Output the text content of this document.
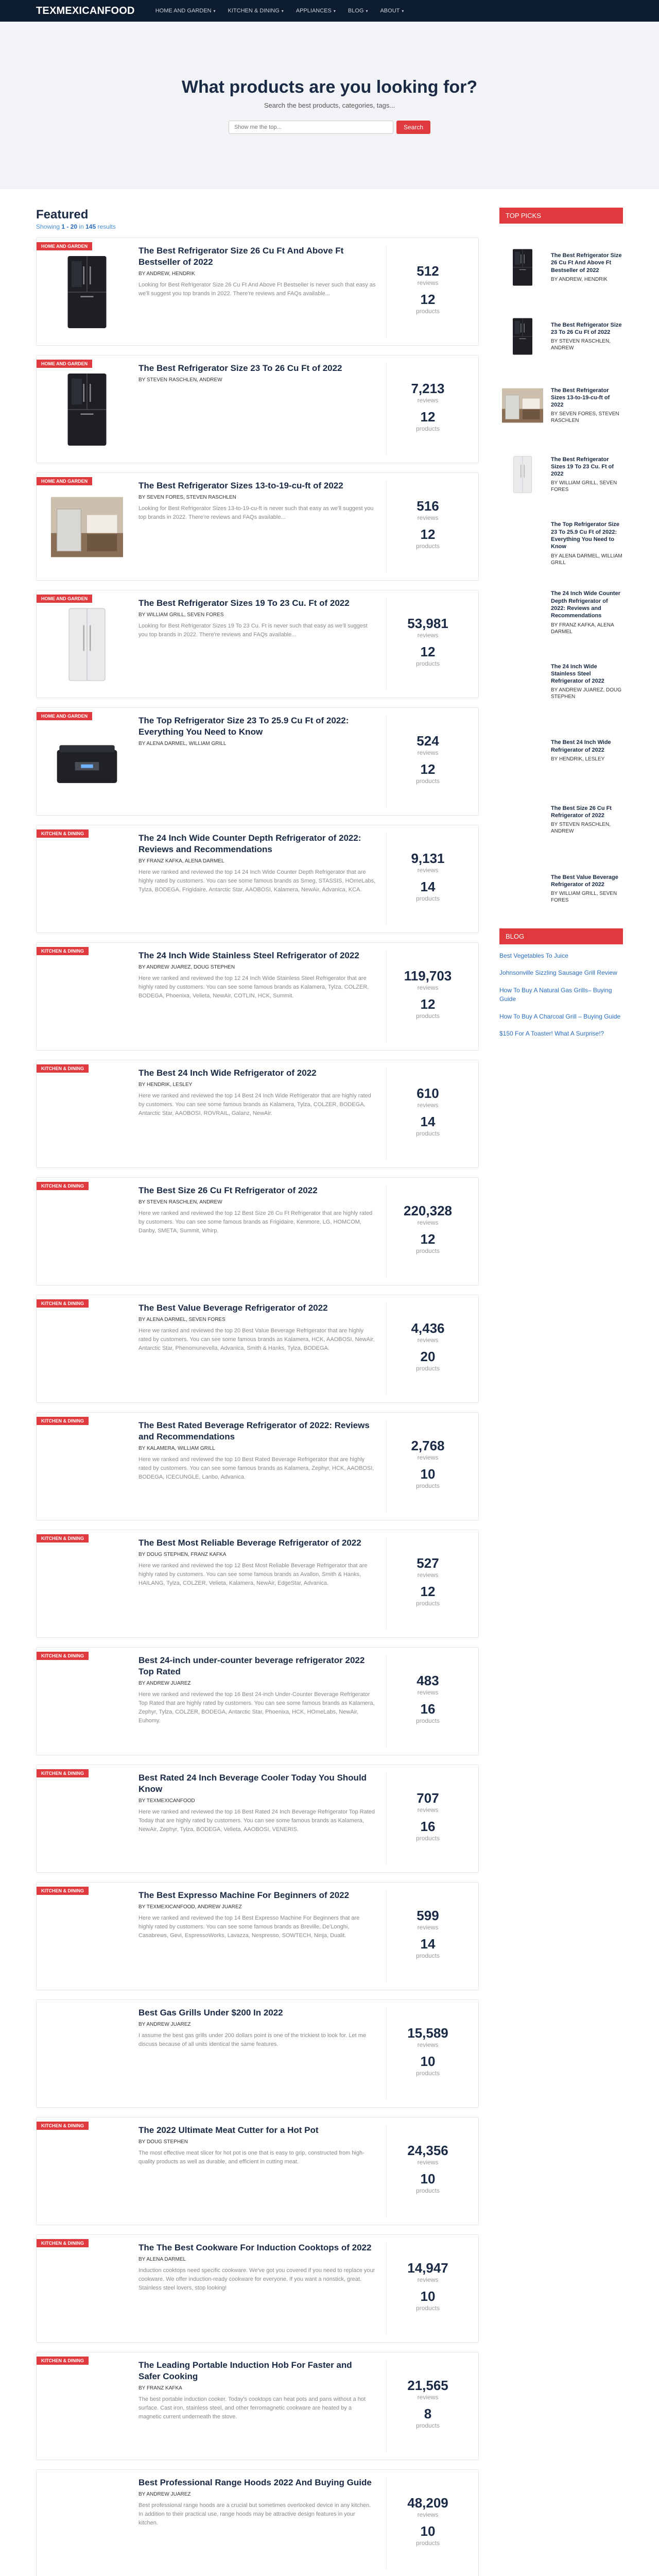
TEXMEXICANFOOD	HOME AND GARDEN ▾ KITCHEN & DINING ▾ APPLIANCES ▾ BLOG ▾ ABOUT ▾
What products are you looking for?
Search the best products, categories, tags...
Show me the top...
Search
Featured
Showing 1 - 20 in 145 results
HOME AND GARDEN	The Best Refrigerator Size 26 Cu Ft And Above Ft Bestseller of 2022
BY ANDREW, HENDRIK
Looking for Best Refrigerator Size 26 Cu Ft And Above Ft Bestseller is never such that easy as we'll suggest you top brands in 2022. There're reviews and FAQs available...
512
reviews
12
products
HOME AND GARDEN	The Best Refrigerator Size 23 To 26 Cu Ft of 2022
BY STEVEN RASCHLEN, ANDREW
7,213
reviews
12
products
HOME AND GARDEN	The Best Refrigerator Sizes 13-to-19-cu-ft of 2022
BY SEVEN FORES, STEVEN RASCHLEN
Looking for Best Refrigerator Sizes 13-to-19-cu-ft is never such that easy as we'll suggest you top brands in 2022. There're reviews and FAQs available...
516
reviews
12
products
HOME AND GARDEN	The Best Refrigerator Sizes 19 To 23 Cu. Ft of 2022
BY WILLIAM GRILL, SEVEN FORES
Looking for Best Refrigerator Sizes 19 To 23 Cu. Ft is never such that easy as we'll suggest you top brands in 2022. There're reviews and FAQs available...
53,981
reviews
12
products
HOME AND GARDEN	The Top Refrigerator Size 23 To 25.9 Cu Ft of 2022: Everything You Need to Know
BY ALENA DARMEL, WILLIAM GRILL	524
reviews
12
products
KITCHEN & DINING	The 24 Inch Wide Counter Depth Refrigerator of 2022: Reviews and Recommendations
BY FRANZ KAFKA, ALENA DARMEL
Here we ranked and reviewed the top 14 24 Inch Wide Counter Depth Refrigerator that are highly rated by customers. You can see some famous brands as Smeg, STASSIS, HOmeLabs, Tylza, BODEGA, Frigidaire, Antarctic Star, AAOBOSI, Kalamera, NewAir, Advanica, KCA.
9,131
reviews
14
products
KITCHEN & DINING	The 24 Inch Wide Stainless Steel Refrigerator of 2022
BY ANDREW JUAREZ, DOUG STEPHEN
Here we ranked and reviewed the top 12 24 Inch Wide Stainless Steel Refrigerator that are highly rated by customers. You can see some famous brands as Kalamera, Tylza, COLZER, BODEGA, Phoenixa, Velieta, NewAir, COTLIN, HCK, Summit.
119,703
reviews
12
products
KITCHEN & DINING	The Best 24 Inch Wide Refrigerator of 2022
BY HENDRIK, LESLEY
Here we ranked and reviewed the top 14 Best 24 Inch Wide Refrigerator that are highly rated by customers. You can see some famous brands as Kalamera, Tylza, COLZER, BODEGA, Antarctic Star, AAOBOSI, ROVRAIL, Galanz, NewAir.
610
reviews
14
products
KITCHEN & DINING	The Best Size 26 Cu Ft Refrigerator of 2022
BY STEVEN RASCHLEN, ANDREW
Here we ranked and reviewed the top 12 Best Size 26 Cu Ft Refrigerator that are highly rated by customers. You can see some famous brands as Frigidaire, Kenmore, LG, HOMCOM, Danby, SMETA, Summit, Whirp.
220,328
reviews
12
products
KITCHEN & DINING	The Best Value Beverage Refrigerator of 2022
BY ALENA DARMEL, SEVEN FORES
Here we ranked and reviewed the top 20 Best Value Beverage Refrigerator that are highly rated by customers. You can see some famous brands as Kalamera, HCK, AAOBOSI, NewAir, Antarctic Star, Phenomunevella, Advanica, Smith & Hanks, Tylza, BODEGA.
4,436
reviews
20
products
KITCHEN & DINING	The Best Rated Beverage Refrigerator of 2022: Reviews and Recommendations
BY KALAMERA, WILLIAM GRILL
Here we ranked and reviewed the top 10 Best Rated Beverage Refrigerator that are highly rated by customers. You can see some famous brands as Kalamera, Zephyr, HCK, AAOBOSI, BODEGA, ICECUNGLE, Lanbo, Advanica.
2,768
reviews
10
products
KITCHEN & DINING	The Best Most Reliable Beverage Refrigerator of 2022
BY DOUG STEPHEN, FRANZ KAFKA
Here we ranked and reviewed the top 12 Best Most Reliable Beverage Refrigerator that are highly rated by customers. You can see some famous brands as Avallon, Smith & Hanks, HAILANG, Tylza, COLZER, Velieta, Kalamera, NewAir, EdgeStar, Advanica.
527
reviews
12
products
KITCHEN & DINING	Best 24-inch under-counter beverage refrigerator 2022 Top Rated
BY ANDREW JUAREZ
Here we ranked and reviewed the top 16 Best 24-inch Under-Counter Beverage Refrigerator Top Rated that are highly rated by customers. You can see some famous brands as Kalamera, Zephyr, Tylza, COLZER, BODEGA, Antarctic Star, Phoenixa, HCK, HOmeLabs, NewAir, Euhomy.
483
reviews
16
products
KITCHEN & DINING	Best Rated 24 Inch Beverage Cooler Today You Should Know
BY TEXMEXICANFOOD
Here we ranked and reviewed the top 16 Best Rated 24 Inch Beverage Refrigerator Top Rated Today that are highly rated by customers. You can see some famous brands as Kalamera, NewAir, Zephyr, Tylza, BODEGA, Velieta, AAOBOSI, VENERIS.
707
reviews
16
products
KITCHEN & DINING	The Best Expresso Machine For Beginners of 2022
BY TEXMEXICANFOOD, ANDREW JUAREZ
Here we ranked and reviewed the top 14 Best Expresso Machine For Beginners that are highly rated by customers. You can see some famous brands as Breville, De'Longhi, Casabrews, Gevi, EspressoWorks, Lavazza, Nespresso, SOWTECH, Ninja, Dualit.
599
reviews
14
products
Best Gas Grills Under $200 In 2022
BY ANDREW JUAREZ
I assume the best gas grills under 200 dollars point is one of the trickiest to look for. Let me discuss because of all units identical the same features.
15,589
reviews
10
products
KITCHEN & DINING	The 2022 Ultimate Meat Cutter for a Hot Pot
BY DOUG STEPHEN
The most effective meat slicer for hot pot is one that is easy to grip, constructed from high-quality products as well as durable, and efficient in cutting meat.
24,356
reviews
10
products
KITCHEN & DINING	The The Best Cookware For Induction Cooktops of 2022
BY ALENA DARMEL
Induction cooktops need specific cookware. We've got you covered if you need to replace your cookware. We offer induction-ready cookware for everyone. If you want a nonstick, great. Stainless steel lovers, stop looking!
14,947
reviews
10
products
KITCHEN & DINING	The Leading Portable Induction Hob For Faster and Safer Cooking
BY FRANZ KAFKA
The best portable induction cooker. Today's cooktops can heat pots and pans without a hot surface. Cast iron, stainless steel, and other ferromagnetic cookware are heated by a magnetic current underneath the stove.
21,565
reviews
8
products
Best Professional Range Hoods 2022 And Buying Guide
BY ANDREW JUAREZ
Best professional range hoods are a crucial but sometimes overlooked device in any kitchen. In addition to their practical use, range hoods may be attractive design features in your kitchen.
48,209
reviews
10
products
TOP PICKS
The Best Refrigerator Size 26 Cu Ft And Above Ft Bestseller of 2022
BY ANDREW, HENDRIK
The Best Refrigerator Size 23 To 26 Cu Ft of 2022
BY STEVEN RASCHLEN, ANDREW
The Best Refrigerator Sizes 13-to-19-cu-ft of 2022
BY SEVEN FORES, STEVEN RASCHLEN
The Best Refrigerator Sizes 19 To 23 Cu. Ft of 2022
BY WILLIAM GRILL, SEVEN FORES
The Top Refrigerator Size 23 To 25.9 Cu Ft of 2022: Everything You Need to Know
BY ALENA DARMEL, WILLIAM GRILL
The 24 Inch Wide Counter Depth Refrigerator of 2022: Reviews and Recommendations
BY FRANZ KAFKA, ALENA DARMEL
The 24 Inch Wide Stainless Steel Refrigerator of 2022
BY ANDREW JUAREZ, DOUG STEPHEN
The Best 24 Inch Wide Refrigerator of 2022
BY HENDRIK, LESLEY
The Best Size 26 Cu Ft Refrigerator of 2022
BY STEVEN RASCHLEN, ANDREW
The Best Value Beverage Refrigerator of 2022
BY WILLIAM GRILL, SEVEN FORES
BLOG
Best Vegetables To Juice
Johnsonville Sizzling Sausage Grill Review
How To Buy A Natural Gas Grills– Buying Guide
How To Buy A Charcoal Grill – Buying Guide
$150 For A Toaster! What A Surprise!?
